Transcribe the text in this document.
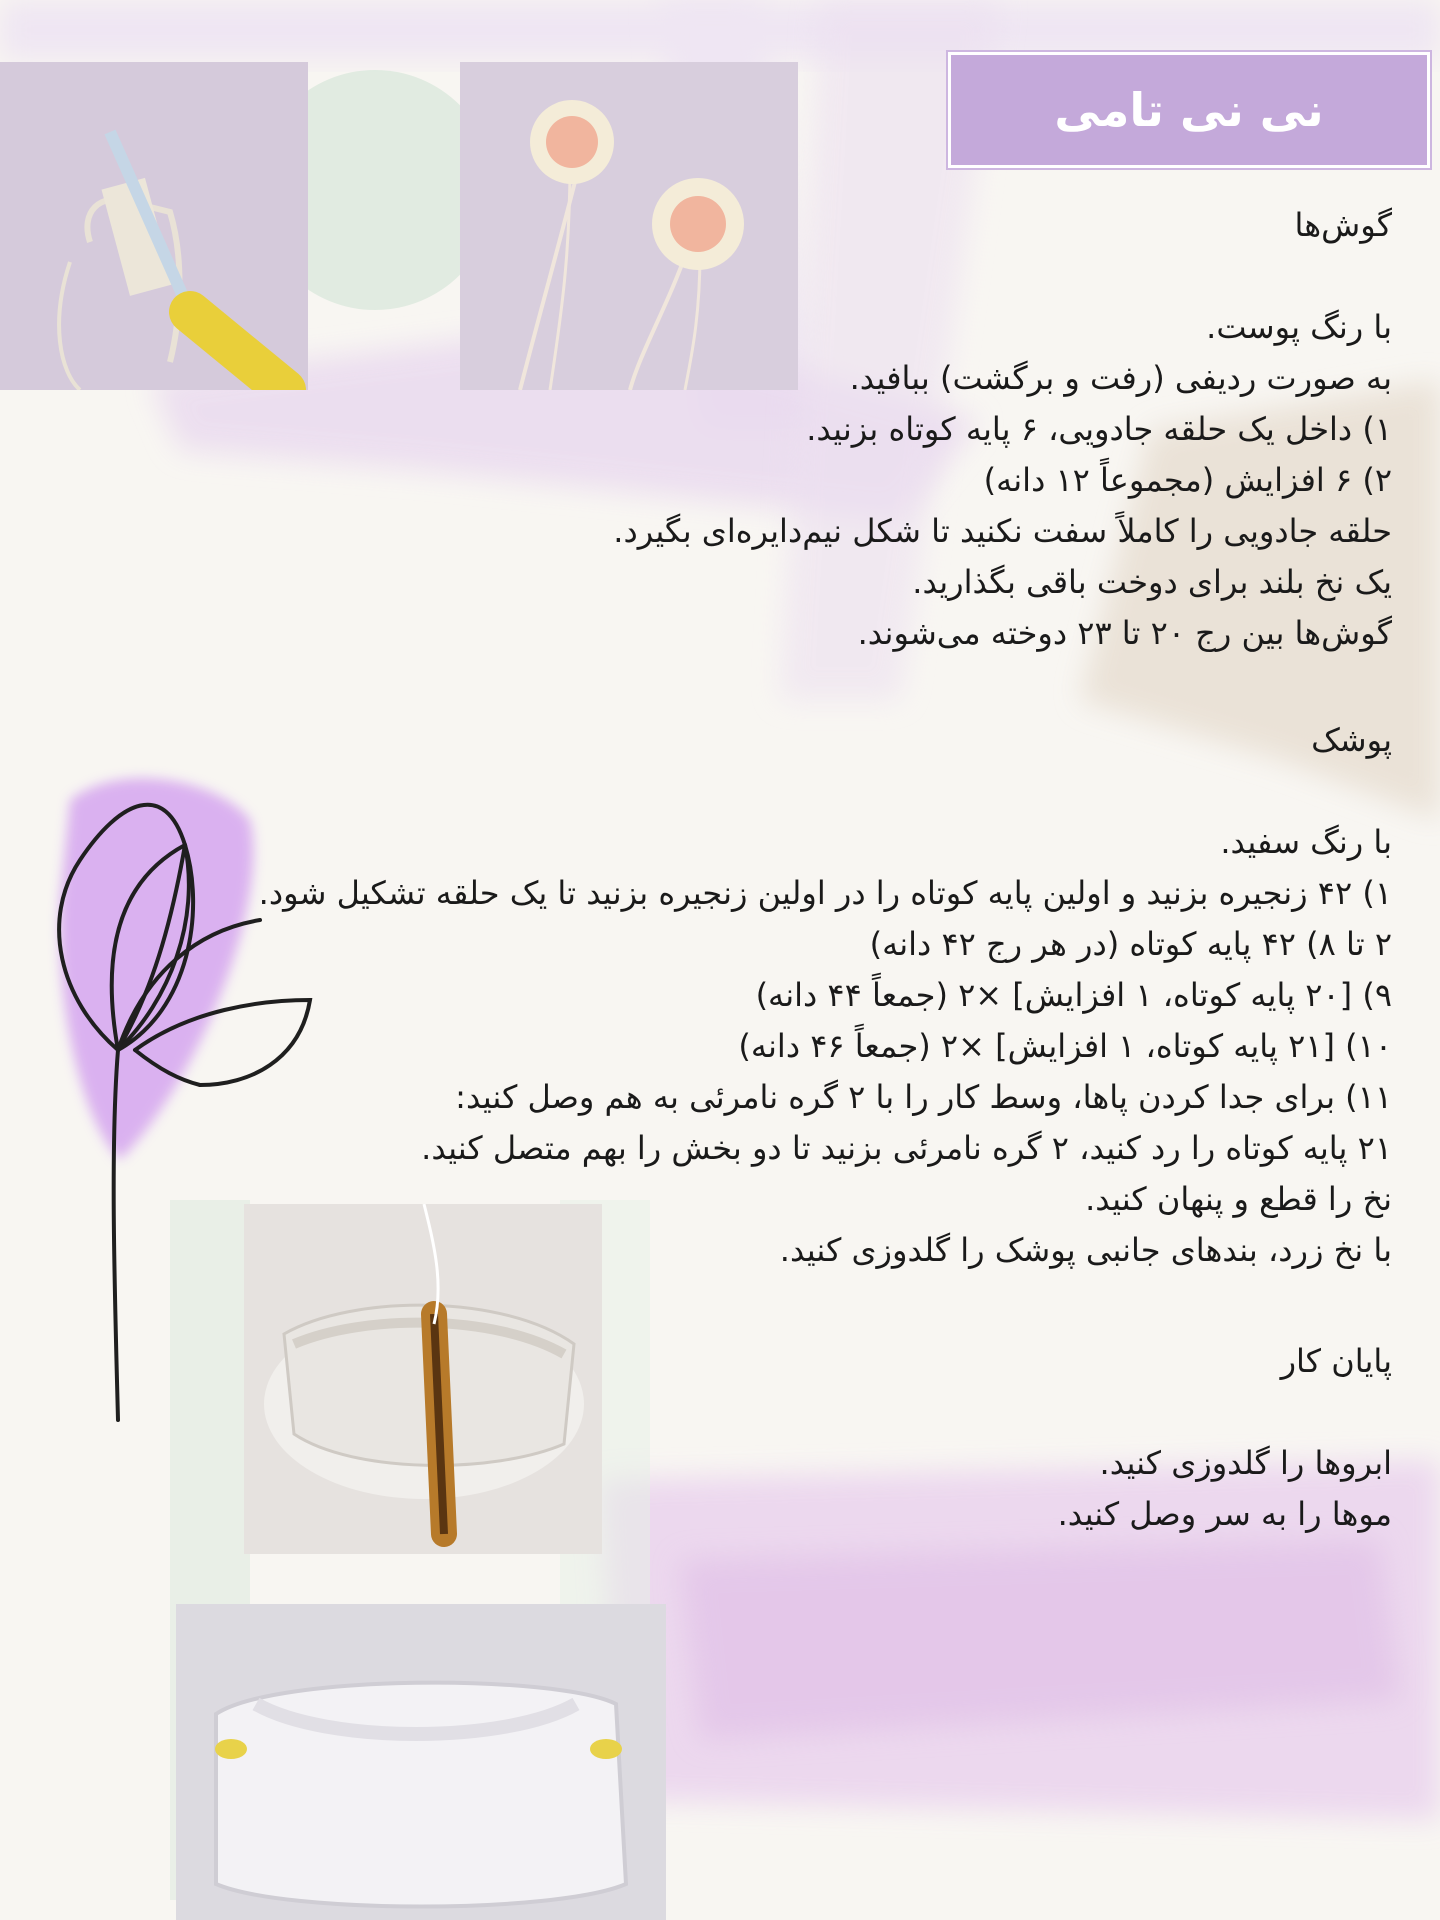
نی نی تامی
گوش‌ها
با رنگ پوست.
به صورت ردیفی (رفت و برگشت) ببافید.
۱) داخل یک حلقه جادویی، ۶ پایه کوتاه بزنید.
۲) ۶ افزایش (مجموعاً ۱۲ دانه)
حلقه جادویی را کاملاً سفت نکنید تا شکل نیم‌دایره‌ای بگیرد.
یک نخ بلند برای دوخت باقی بگذارید.
گوش‌ها بین رج ۲۰ تا ۲۳ دوخته می‌شوند.
پوشک
با رنگ سفید.
۱) ۴۲ زنجیره بزنید و اولین پایه کوتاه را در اولین زنجیره بزنید تا یک حلقه تشکیل شود.
۲ تا ۸) ۴۲ پایه کوتاه (در هر رج ۴۲ دانه)
۹) [۲۰ پایه کوتاه، ۱ افزایش] ×۲ (جمعاً ۴۴ دانه)
۱۰) [۲۱ پایه کوتاه، ۱ افزایش] ×۲ (جمعاً ۴۶ دانه)
۱۱) برای جدا کردن پاها، وسط کار را با ۲ گره نامرئی به هم وصل کنید:
۲۱ پایه کوتاه را رد کنید، ۲ گره نامرئی بزنید تا دو بخش را بهم متصل کنید.
نخ را قطع و پنهان کنید.
با نخ زرد، بندهای جانبی پوشک را گلدوزی کنید.
پایان کار
ابروها را گلدوزی کنید.
موها را به سر وصل کنید.
